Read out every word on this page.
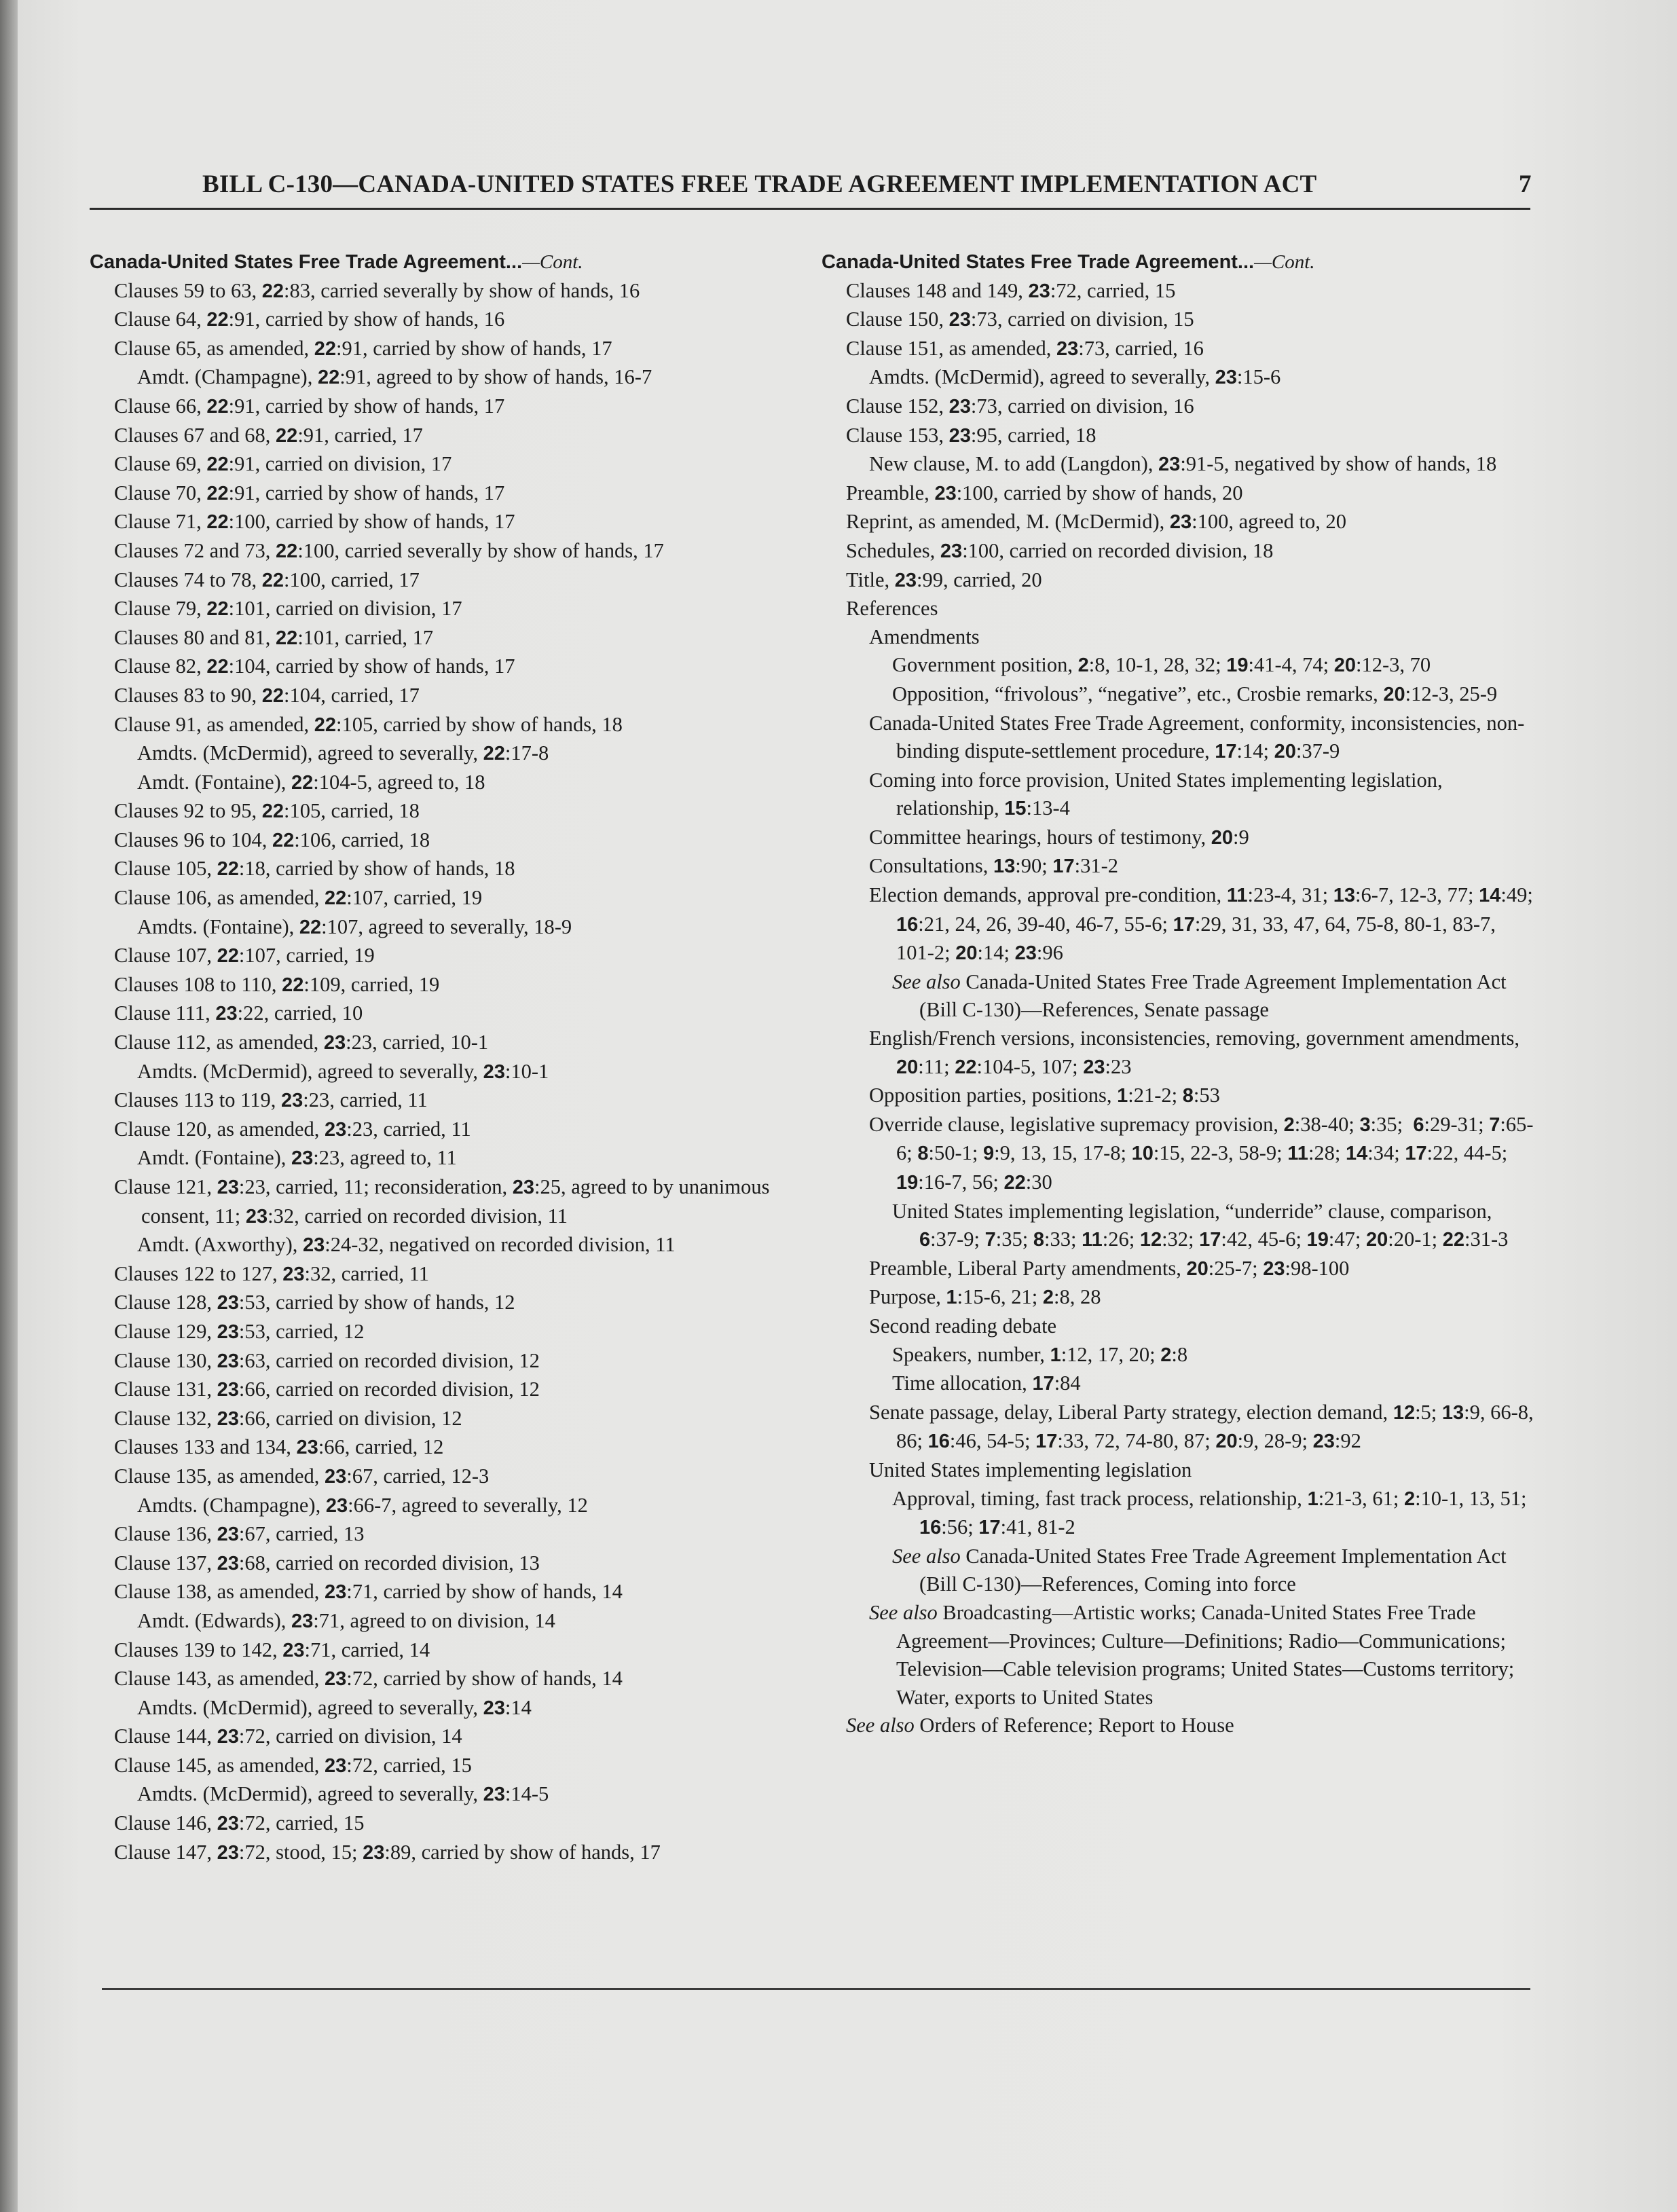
BILL C-130—CANADA-UNITED STATES FREE TRADE AGREEMENT IMPLEMENTATION ACT	7
Canada-United States Free Trade Agreement...—Cont.
Clauses 59 to 63, 22:83, carried severally by show of hands, 16
Clause 64, 22:91, carried by show of hands, 16
Clause 65, as amended, 22:91, carried by show of hands, 17
Amdt. (Champagne), 22:91, agreed to by show of hands, 16-7
Clause 66, 22:91, carried by show of hands, 17
Clauses 67 and 68, 22:91, carried, 17
Clause 69, 22:91, carried on division, 17
Clause 70, 22:91, carried by show of hands, 17
Clause 71, 22:100, carried by show of hands, 17
Clauses 72 and 73, 22:100, carried severally by show of hands, 17
Clauses 74 to 78, 22:100, carried, 17
Clause 79, 22:101, carried on division, 17
Clauses 80 and 81, 22:101, carried, 17
Clause 82, 22:104, carried by show of hands, 17
Clauses 83 to 90, 22:104, carried, 17
Clause 91, as amended, 22:105, carried by show of hands, 18
Amdts. (McDermid), agreed to severally, 22:17-8
Amdt. (Fontaine), 22:104-5, agreed to, 18
Clauses 92 to 95, 22:105, carried, 18
Clauses 96 to 104, 22:106, carried, 18
Clause 105, 22:18, carried by show of hands, 18
Clause 106, as amended, 22:107, carried, 19
Amdts. (Fontaine), 22:107, agreed to severally, 18-9
Clause 107, 22:107, carried, 19
Clauses 108 to 110, 22:109, carried, 19
Clause 111, 23:22, carried, 10
Clause 112, as amended, 23:23, carried, 10-1
Amdts. (McDermid), agreed to severally, 23:10-1
Clauses 113 to 119, 23:23, carried, 11
Clause 120, as amended, 23:23, carried, 11
Amdt. (Fontaine), 23:23, agreed to, 11
Clause 121, 23:23, carried, 11; reconsideration, 23:25, agreed to by unanimous consent, 11; 23:32, carried on recorded division, 11
Amdt. (Axworthy), 23:24-32, negatived on recorded division, 11
Clauses 122 to 127, 23:32, carried, 11
Clause 128, 23:53, carried by show of hands, 12
Clause 129, 23:53, carried, 12
Clause 130, 23:63, carried on recorded division, 12
Clause 131, 23:66, carried on recorded division, 12
Clause 132, 23:66, carried on division, 12
Clauses 133 and 134, 23:66, carried, 12
Clause 135, as amended, 23:67, carried, 12-3
Amdts. (Champagne), 23:66-7, agreed to severally, 12
Clause 136, 23:67, carried, 13
Clause 137, 23:68, carried on recorded division, 13
Clause 138, as amended, 23:71, carried by show of hands, 14
Amdt. (Edwards), 23:71, agreed to on division, 14
Clauses 139 to 142, 23:71, carried, 14
Clause 143, as amended, 23:72, carried by show of hands, 14
Amdts. (McDermid), agreed to severally, 23:14
Clause 144, 23:72, carried on division, 14
Clause 145, as amended, 23:72, carried, 15
Amdts. (McDermid), agreed to severally, 23:14-5
Clause 146, 23:72, carried, 15
Clause 147, 23:72, stood, 15; 23:89, carried by show of hands, 17
Canada-United States Free Trade Agreement...—Cont.
Clauses 148 and 149, 23:72, carried, 15
Clause 150, 23:73, carried on division, 15
Clause 151, as amended, 23:73, carried, 16
Amdts. (McDermid), agreed to severally, 23:15-6
Clause 152, 23:73, carried on division, 16
Clause 153, 23:95, carried, 18
New clause, M. to add (Langdon), 23:91-5, negatived by show of hands, 18
Preamble, 23:100, carried by show of hands, 20
Reprint, as amended, M. (McDermid), 23:100, agreed to, 20
Schedules, 23:100, carried on recorded division, 18
Title, 23:99, carried, 20
References
Amendments
Government position, 2:8, 10-1, 28, 32; 19:41-4, 74; 20:12-3, 70
Opposition, “frivolous”, “negative”, etc., Crosbie remarks, 20:12-3, 25-9
Canada-United States Free Trade Agreement, conformity, inconsistencies, non-binding dispute-settlement procedure, 17:14; 20:37-9
Coming into force provision, United States implementing legislation, relationship, 15:13-4
Committee hearings, hours of testimony, 20:9
Consultations, 13:90; 17:31-2
Election demands, approval pre-condition, 11:23-4, 31; 13:6-7, 12-3, 77; 14:49; 16:21, 24, 26, 39-40, 46-7, 55-6; 17:29, 31, 33, 47, 64, 75-8, 80-1, 83-7, 101-2; 20:14; 23:96
See also Canada-United States Free Trade Agreement Implementation Act (Bill C-130)—References, Senate passage
English/French versions, inconsistencies, removing, government amendments, 20:11; 22:104-5, 107; 23:23
Opposition parties, positions, 1:21-2; 8:53
Override clause, legislative supremacy provision, 2:38-40; 3:35;  6:29-31; 7:65-6; 8:50-1; 9:9, 13, 15, 17-8; 10:15, 22-3, 58-9; 11:28; 14:34; 17:22, 44-5; 19:16-7, 56; 22:30
United States implementing legislation, “underride” clause, comparison,  6:37-9; 7:35; 8:33; 11:26; 12:32; 17:42, 45-6; 19:47; 20:20-1; 22:31-3
Preamble, Liberal Party amendments, 20:25-7; 23:98-100
Purpose, 1:15-6, 21; 2:8, 28
Second reading debate
Speakers, number, 1:12, 17, 20; 2:8
Time allocation, 17:84
Senate passage, delay, Liberal Party strategy, election demand, 12:5; 13:9, 66-8, 86; 16:46, 54-5; 17:33, 72, 74-80, 87; 20:9, 28-9; 23:92
United States implementing legislation
Approval, timing, fast track process, relationship, 1:21-3, 61; 2:10-1, 13, 51; 16:56; 17:41, 81-2
See also Canada-United States Free Trade Agreement Implementation Act (Bill C-130)—References, Coming into force
See also Broadcasting—Artistic works; Canada-United States Free Trade Agreement—Provinces; Culture—Definitions; Radio—Communications; Television—Cable television programs; United States—Customs territory; Water, exports to United States
See also Orders of Reference; Report to House
